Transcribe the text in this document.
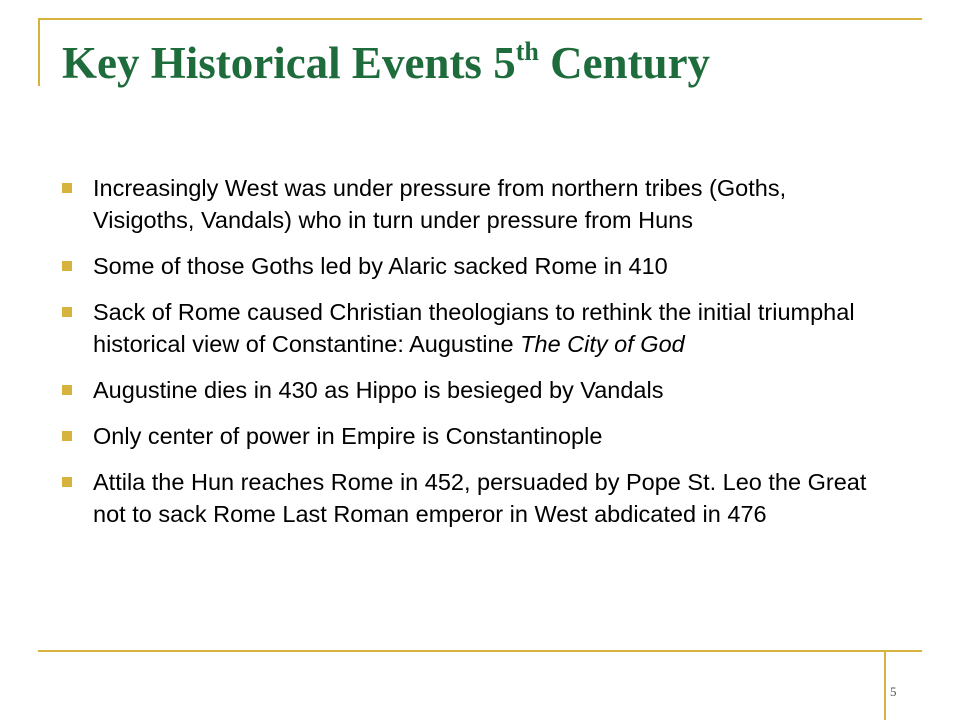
Key Historical Events 5th Century
Increasingly West was under pressure from northern tribes (Goths, Visigoths, Vandals) who in turn under pressure from Huns
Some of those Goths led by Alaric sacked Rome in 410
Sack of Rome caused Christian theologians to rethink the initial triumphal historical view of Constantine: Augustine The City of God
Augustine dies in 430 as Hippo is besieged by Vandals
Only center of power in Empire is Constantinople
Attila the Hun reaches Rome in 452, persuaded by Pope St. Leo the Great not to sack Rome Last Roman emperor in West abdicated in 476
5
